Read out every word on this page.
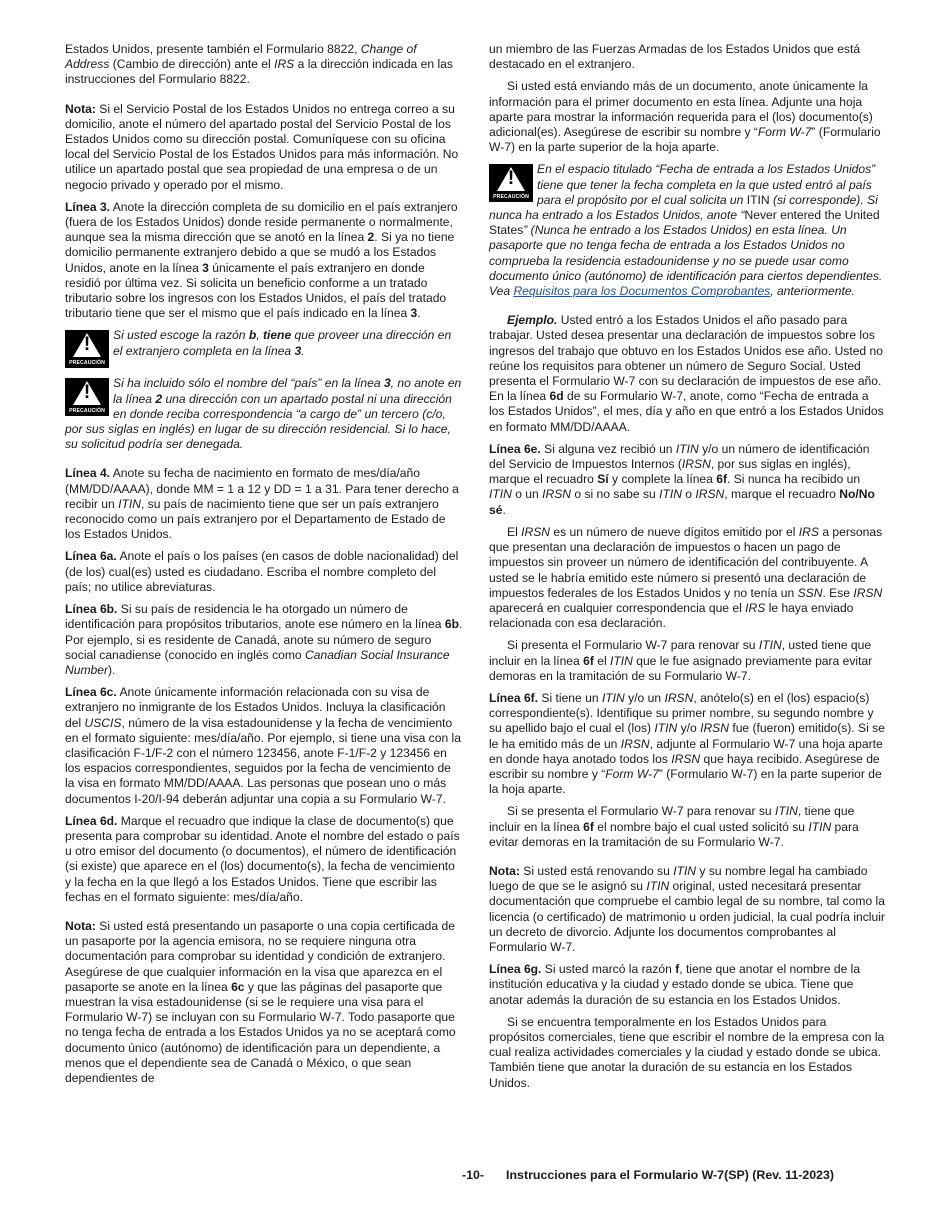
Estados Unidos, presente también el Formulario 8822, Change of Address (Cambio de dirección) ante el IRS a la dirección indicada en las instrucciones del Formulario 8822.

Nota: Si el Servicio Postal de los Estados Unidos no entrega correo a su domicilio, anote el número del apartado postal del Servicio Postal de los Estados Unidos como su dirección postal. Comuníquese con su oficina local del Servicio Postal de los Estados Unidos para más información. No utilice un apartado postal que sea propiedad de una empresa o de un negocio privado y operado por el mismo.

Línea 3. Anote la dirección completa de su domicilio en el país extranjero (fuera de los Estados Unidos) donde reside permanente o normalmente, aunque sea la misma dirección que se anotó en la línea 2. Si ya no tiene domicilio permanente extranjero debido a que se mudó a los Estados Unidos, anote en la línea 3 únicamente el país extranjero en donde residió por última vez. Si solicita un beneficio conforme a un tratado tributario sobre los ingresos con los Estados Unidos, el país del tratado tributario tiene que ser el mismo que el país indicado en la línea 3.

!
PRECAUCIÓN
Si usted escoge la razón b, tiene que proveer una dirección en el extranjero completa en la línea 3.
!
PRECAUCIÓN
Si ha incluido sólo el nombre del “país” en la línea 3, no anote en la línea 2 una dirección con un apartado postal ni una dirección en donde reciba correspondencia “a cargo de” un tercero (c/o, por sus siglas en inglés) en lugar de su dirección residencial. Si lo hace, su solicitud podría ser denegada.

Línea 4. Anote su fecha de nacimiento en formato de mes/día/año (MM/DD/AAAA), donde MM = 1 a 12 y DD = 1 a 31. Para tener derecho a recibir un ITIN, su país de nacimiento tiene que ser un país extranjero reconocido como un país extranjero por el Departamento de Estado de los Estados Unidos.

Línea 6a. Anote el país o los países (en casos de doble nacionalidad) del (de los) cual(es) usted es ciudadano. Escriba el nombre completo del país; no utilice abreviaturas.

Línea 6b. Si su país de residencia le ha otorgado un número de identificación para propósitos tributarios, anote ese número en la línea 6b. Por ejemplo, si es residente de Canadá, anote su número de seguro social canadiense (conocido en inglés como Canadian Social Insurance Number).

Línea 6c. Anote únicamente información relacionada con su visa de extranjero no inmigrante de los Estados Unidos. Incluya la clasificación del USCIS, número de la visa estadounidense y la fecha de vencimiento en el formato siguiente: mes/día/año. Por ejemplo, si tiene una visa con la clasificación F-1/F-2 con el número 123456, anote F-1/F-2 y 123456 en los espacios correspondientes, seguidos por la fecha de vencimiento de la visa en formato MM/DD/AAAA. Las personas que posean uno o más documentos I-20/I-94 deberán adjuntar una copia a su Formulario W-7.

Línea 6d. Marque el recuadro que indique la clase de documento(s) que presenta para comprobar su identidad. Anote el nombre del estado o país u otro emisor del documento (o documentos), el número de identificación (si existe) que aparece en el (los) documento(s), la fecha de vencimiento y la fecha en la que llegó a los Estados Unidos. Tiene que escribir las fechas en el formato siguiente: mes/día/año.

Nota: Si usted está presentando un pasaporte o una copia certificada de un pasaporte por la agencia emisora, no se requiere ninguna otra documentación para comprobar su identidad y condición de extranjero. Asegúrese de que cualquier información en la visa que aparezca en el pasaporte se anote en la línea 6c y que las páginas del pasaporte que muestran la visa estadounidense (si se le requiere una visa para el Formulario W-7) se incluyan con su Formulario W-7. Todo pasaporte que no tenga fecha de entrada a los Estados Unidos ya no se aceptará como documento único (autónomo) de identificación para un dependiente, a menos que el dependiente sea de Canadá o México, o que sean dependientes de

un miembro de las Fuerzas Armadas de los Estados Unidos que está destacado en el extranjero.

Si usted está enviando más de un documento, anote únicamente la información para el primer documento en esta línea. Adjunte una hoja aparte para mostrar la información requerida para el (los) documento(s) adicional(es). Asegúrese de escribir su nombre y “Form W-7” (Formulario W-7) en la parte superior de la hoja aparte.

!
PRECAUCIÓN
En el espacio titulado “Fecha de entrada a los Estados Unidos” tiene que tener la fecha completa en la que usted entró al país para el propósito por el cual solicita un ITIN (si corresponde). Si nunca ha entrado a los Estados Unidos, anote “Never entered the United States” (Nunca he entrado a los Estados Unidos) en esta línea. Un pasaporte que no tenga fecha de entrada a los Estados Unidos no comprueba la residencia estadounidense y no se puede usar como documento único (autónomo) de identificación para ciertos dependientes. Vea Requisitos para los Documentos Comprobantes, anteriormente.

Ejemplo. Usted entró a los Estados Unidos el año pasado para trabajar. Usted desea presentar una declaración de impuestos sobre los ingresos del trabajo que obtuvo en los Estados Unidos ese año. Usted no reúne los requisitos para obtener un número de Seguro Social. Usted presenta el Formulario W-7 con su declaración de impuestos de ese año. En la línea 6d de su Formulario W-7, anote, como “Fecha de entrada a los Estados Unidos”, el mes, día y año en que entró a los Estados Unidos en formato MM/DD/AAAA.

Línea 6e. Si alguna vez recibió un ITIN y/o un número de identificación del Servicio de Impuestos Internos (IRSN, por sus siglas en inglés), marque el recuadro Sí y complete la línea 6f. Si nunca ha recibido un ITIN o un IRSN o si no sabe su ITIN o IRSN, marque el recuadro No/No sé.

El IRSN es un número de nueve dígitos emitido por el IRS a personas que presentan una declaración de impuestos o hacen un pago de impuestos sin proveer un número de identificación del contribuyente. A usted se le habría emitido este número si presentó una declaración de impuestos federales de los Estados Unidos y no tenía un SSN. Ese IRSN aparecerá en cualquier correspondencia que el IRS le haya enviado relacionada con esa declaración.

Si presenta el Formulario W-7 para renovar su ITIN, usted tiene que incluir en la línea 6f el ITIN que le fue asignado previamente para evitar demoras en la tramitación de su Formulario W-7.

Línea 6f. Si tiene un ITIN y/o un IRSN, anótelo(s) en el (los) espacio(s) correspondiente(s). Identifique su primer nombre, su segundo nombre y su apellido bajo el cual el (los) ITIN y/o IRSN fue (fueron) emitido(s). Si se le ha emitido más de un IRSN, adjunte al Formulario W-7 una hoja aparte en donde haya anotado todos los IRSN que haya recibido. Asegúrese de escribir su nombre y “Form W-7” (Formulario W-7) en la parte superior de la hoja aparte.

Si se presenta el Formulario W-7 para renovar su ITIN, tiene que incluir en la línea 6f el nombre bajo el cual usted solicitó su ITIN para evitar demoras en la tramitación de su Formulario W-7.

Nota: Si usted está renovando su ITIN y su nombre legal ha cambiado luego de que se le asignó su ITIN original, usted necesitará presentar documentación que compruebe el cambio legal de su nombre, tal como la licencia (o certificado) de matrimonio u orden judicial, la cual podría incluir un decreto de divorcio. Adjunte los documentos comprobantes al Formulario W-7.

Línea 6g. Si usted marcó la razón f, tiene que anotar el nombre de la institución educativa y la ciudad y estado donde se ubica. Tiene que anotar además la duración de su estancia en los Estados Unidos.

Si se encuentra temporalmente en los Estados Unidos para propósitos comerciales, tiene que escribir el nombre de la empresa con la cual realiza actividades comerciales y la ciudad y estado donde se ubica. También tiene que anotar la duración de su estancia en los Estados Unidos.

-10- Instrucciones para el Formulario W-7(SP) (Rev. 11-2023)
